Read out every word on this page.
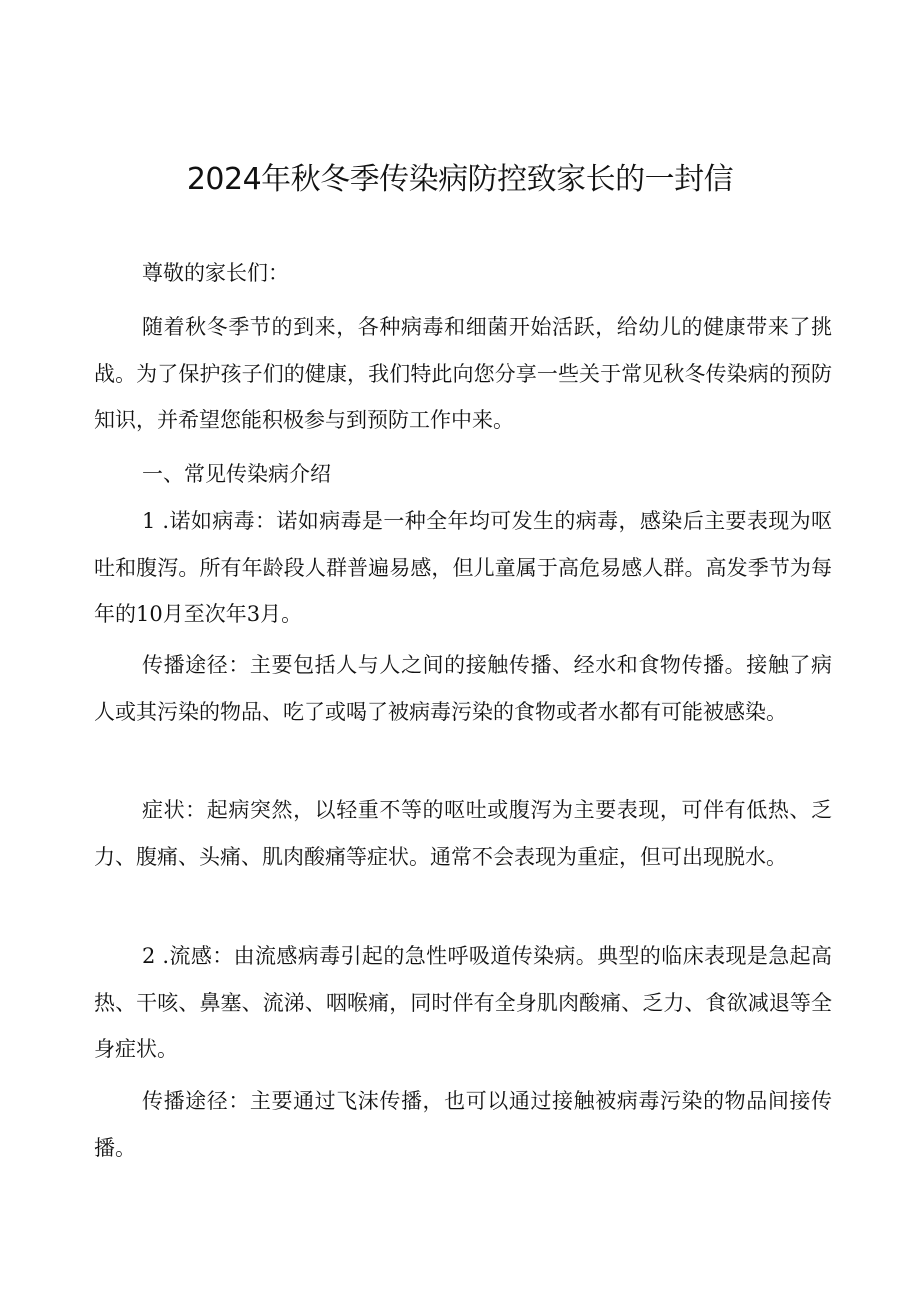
2024年秋冬季传染病防控致家长的一封信

尊敬的家长们：

随着秋冬季节的到来，各种病毒和细菌开始活跃，给幼儿的健康带来了挑战。为了保护孩子们的健康，我们特此向您分享一些关于常见秋冬传染病的预防知识，并希望您能积极参与到预防工作中来。

一、常见传染病介绍

1 .诺如病毒：诺如病毒是一种全年均可发生的病毒，感染后主要表现为呕吐和腹泻。所有年龄段人群普遍易感，但儿童属于高危易感人群。高发季节为每年的10月至次年3月。

传播途径：主要包括人与人之间的接触传播、经水和食物传播。接触了病人或其污染的物品、吃了或喝了被病毒污染的食物或者水都有可能被感染。

症状：起病突然，以轻重不等的呕吐或腹泻为主要表现，可伴有低热、乏力、腹痛、头痛、肌肉酸痛等症状。通常不会表现为重症，但可出现脱水。

2 .流感：由流感病毒引起的急性呼吸道传染病。典型的临床表现是急起高热、干咳、鼻塞、流涕、咽喉痛，同时伴有全身肌肉酸痛、乏力、食欲减退等全身症状。

传播途径：主要通过飞沫传播，也可以通过接触被病毒污染的物品间接传播。
